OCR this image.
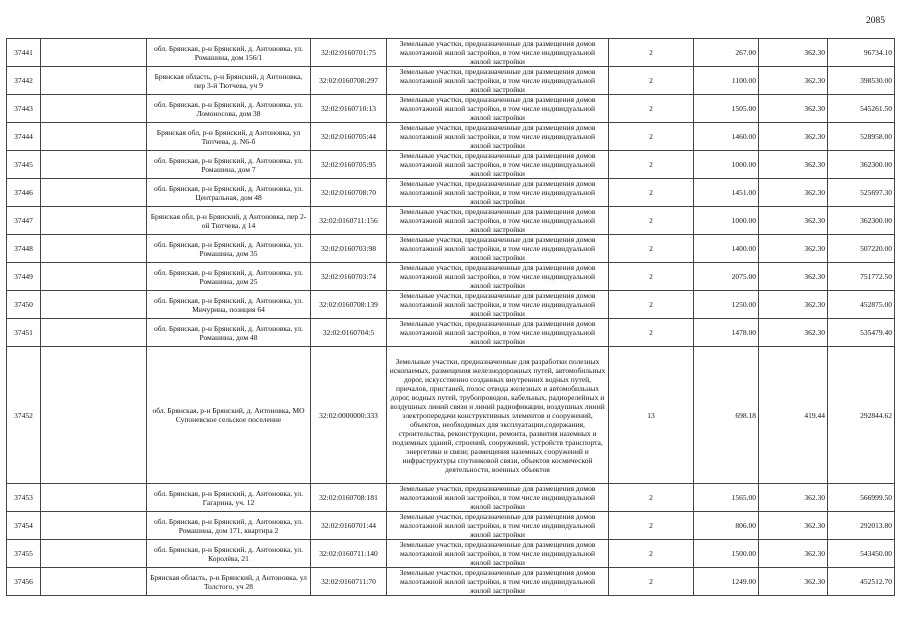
2085
37441		обл. Брянская, р-н Брянский, д. Антоновка, ул. Ромашина, дом 156/1	32:02:0160701:75	Земельные участки, предназначенные для размещения домов малоэтажной жилой застройки, в том числе индивидуальной жилой застройки	2	267.00	362.30	96734.10
37442		Брянская область, р-н Брянский, д Антоновка, пер 3-й Тютчева, уч 9	32:02:0160708:297	Земельные участки, предназначенные для размещения домов малоэтажной жилой застройки, в том числе индивидуальной жилой застройки	2	1100.00	362.30	398530.00
37443		обл. Брянская, р-н Брянский, д. Антоновка, ул. Ломоносова, дом 38	32:02:0160710:13	Земельные участки, предназначенные для размещения домов малоэтажной жилой застройки, в том числе индивидуальной жилой застройки	2	1505.00	362.30	545261.50
37444		Брянская обл, р-н Брянский, д Антоновка, ул Тютчева, д. N6-б	32:02:0160705:44	Земельные участки, предназначенные для размещения домов малоэтажной жилой застройки, в том числе индивидуальной жилой застройки	2	1460.00	362.30	528958.00
37445		обл. Брянская, р-н Брянский, д. Антоновка, ул. Ромашина, дом 7	32:02:0160705:95	Земельные участки, предназначенные для размещения домов малоэтажной жилой застройки, в том числе индивидуальной жилой застройки	2	1000.00	362.30	362300.00
37446		обл. Брянская, р-н Брянский, д. Антоновка, ул. Центральная, дом 48	32:02:0160708:70	Земельные участки, предназначенные для размещения домов малоэтажной жилой застройки, в том числе индивидуальной жилой застройки	2	1451.00	362.30	525697.30
37447		Брянская обл, р-н Брянский, д Антоновка, пер 2-ой Тютчева, д 14	32:02:0160711:156	Земельные участки, предназначенные для размещения домов малоэтажной жилой застройки, в том числе индивидуальной жилой застройки	2	1000.00	362.30	362300.00
37448		обл. Брянская, р-н Брянский, д. Антоновка, ул. Ромашина, дом 35	32:02:0160703:98	Земельные участки, предназначенные для размещения домов малоэтажной жилой застройки, в том числе индивидуальной жилой застройки	2	1400.00	362.30	507220.00
37449		обл. Брянская, р-н Брянский, д. Антоновка, ул. Ромашина, дом 25	32:02:0160703:74	Земельные участки, предназначенные для размещения домов малоэтажной жилой застройки, в том числе индивидуальной жилой застройки	2	2075.00	362.30	751772.50
37450		обл. Брянская, р-н Брянский, д. Антоновка, ул. Мичурина, позиция 64	32:02:0160708:139	Земельные участки, предназначенные для размещения домов малоэтажной жилой застройки, в том числе индивидуальной жилой застройки	2	1250.00	362.30	452875.00
37451		обл. Брянская, р-н Брянский, д. Антоновка, ул. Ромашина, дом 48	32:02:0160704:5	Земельные участки, предназначенные для размещения домов малоэтажной жилой застройки, в том числе индивидуальной жилой застройки	2	1478.00	362.30	535479.40
37452		обл. Брянская, р-н Брянский, д. Антоновка, МО Супоневское сельское поселение	32:02:0000000:333	Земельные участки, предназначенные для разработки полезных ископаемых, размещения железнодорожных путей, автомобильных дорог, искусственно созданных внутренних водных путей, причалов, пристаней, полос отвода железных и автомобильных дорог, водных путей, трубопроводов, кабельных, радиорелейных и воздушных линий связи и линий радиофикации, воздушных линий электропередачи конструктивных элементов и сооружений, объектов, необходимых для эксплуатации,содержания, строительства, реконструкции, ремонта, развития наземных и подземных зданий, строений, сооружений, устройств транспорта, энергетики и связи; размещения наземных сооружений и инфраструктуры спутниковой связи, объектов космической деятельности, военных объектов	13	698.18	419.44	292844.62
37453		обл. Брянская, р-н Брянский, д. Антоновка, ул. Гагарина, уч. 12	32:02:0160708:181	Земельные участки, предназначенные для размещения домов малоэтажной жилой застройки, в том числе индивидуальной жилой застройки	2	1565.00	362.30	566999.50
37454		обл. Брянская, р-н Брянский, д. Антоновка, ул. Ромашина, дом 171, квартира 2	32:02:0160701:44	Земельные участки, предназначенные для размещения домов малоэтажной жилой застройки, в том числе индивидуальной жилой застройки	2	806.00	362.30	292013.80
37455		обл. Брянская, р-н Брянский, д. Антоновка, ул. Королёва, 21	32:02:0160711:140	Земельные участки, предназначенные для размещения домов малоэтажной жилой застройки, в том числе индивидуальной жилой застройки	2	1500.00	362.30	543450.00
37456		Брянская область, р-н Брянский, д Антоновка, ул Толстого, уч 28	32:02:0160711:70	Земельные участки, предназначенные для размещения домов малоэтажной жилой застройки, в том числе индивидуальной жилой застройки	2	1249.00	362.30	452512.70
